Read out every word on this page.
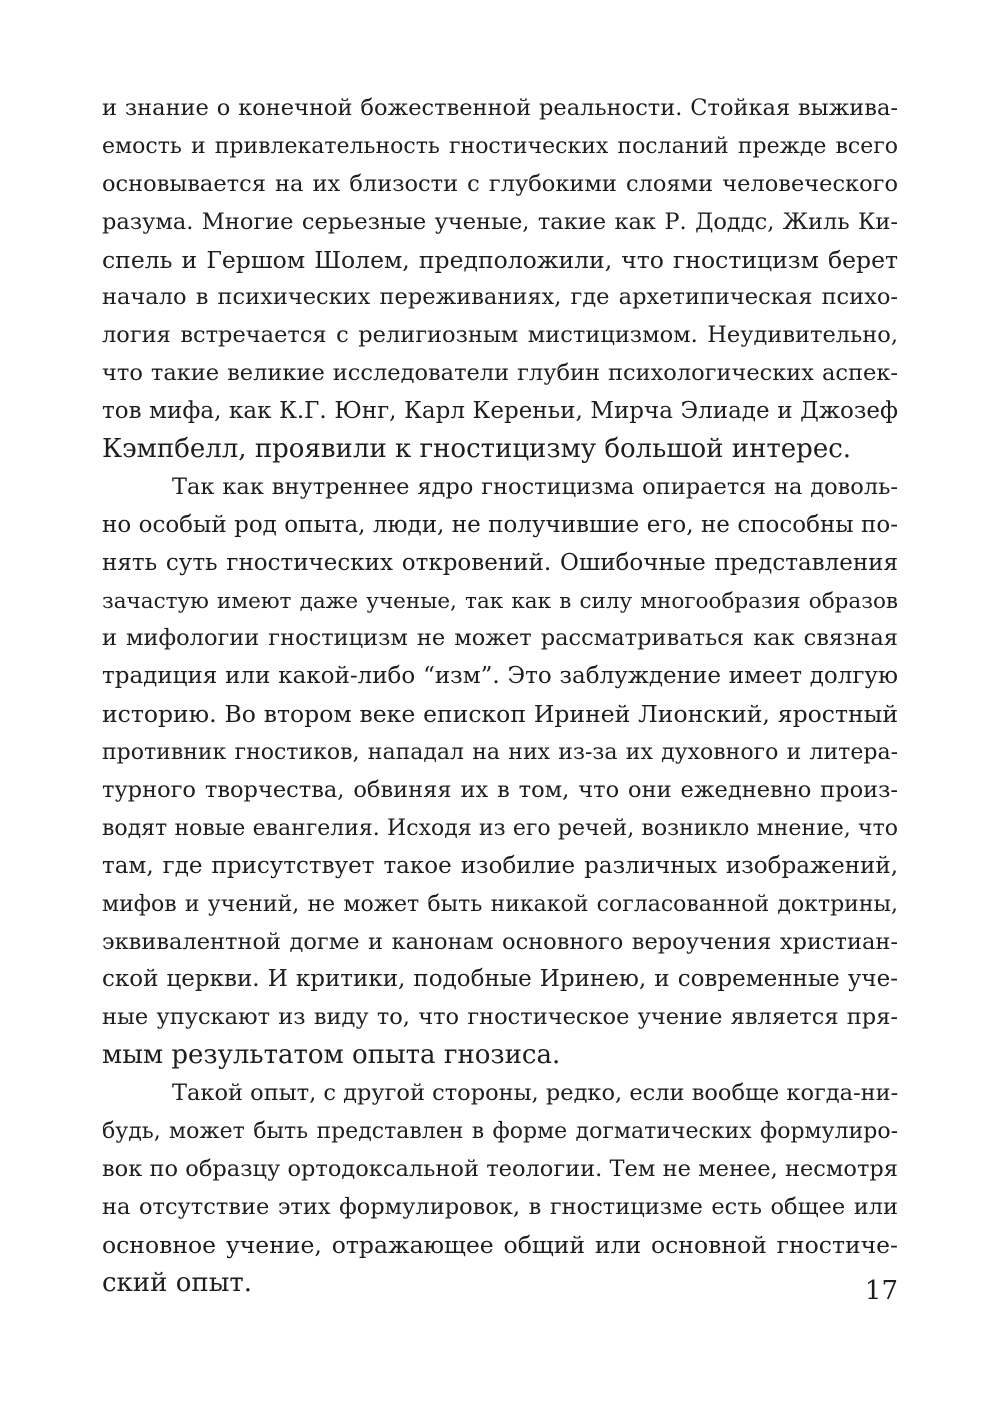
и знание о конечной божественной реальности. Стойкая выжива-
емость и привлекательность гностических посланий прежде всего
основывается на их близости с глубокими слоями человеческого
разума. Многие серьезные ученые, такие как Р. Доддс, Жиль Ки-
спель и Гершом Шолем, предположили, что гностицизм берет
начало в психических переживаниях, где архетипическая психо-
логия встречается с религиозным мистицизмом. Неудивительно,
что такие великие исследователи глубин психологических аспек-
тов мифа, как К.Г. Юнг, Карл Кереньи, Мирча Элиаде и Джозеф
Кэмпбелл, проявили к гностицизму большой интерес.
Так как внутреннее ядро гностицизма опирается на доволь-
но особый род опыта, люди, не получившие его, не способны по-
нять суть гностических откровений. Ошибочные представления
зачастую имеют даже ученые, так как в силу многообразия образов
и мифологии гностицизм не может рассматриваться как связная
традиция или какой-либо “изм”. Это заблуждение имеет долгую
историю. Во втором веке епископ Ириней Лионский, яростный
противник гностиков, нападал на них из-за их духовного и литера-
турного творчества, обвиняя их в том, что они ежедневно произ-
водят новые евангелия. Исходя из его речей, возникло мнение, что
там, где присутствует такое изобилие различных изображений,
мифов и учений, не может быть никакой согласованной доктрины,
эквивалентной догме и канонам основного вероучения христиан-
ской церкви. И критики, подобные Иринею, и современные уче-
ные упускают из виду то, что гностическое учение является пря-
мым результатом опыта гнозиса.
Такой опыт, с другой стороны, редко, если вообще когда-ни-
будь, может быть представлен в форме догматических формулиро-
вок по образцу ортодоксальной теологии. Тем не менее, несмотря
на отсутствие этих формулировок, в гностицизме есть общее или
основное учение, отражающее общий или основной гностиче-
ский опыт.	17
